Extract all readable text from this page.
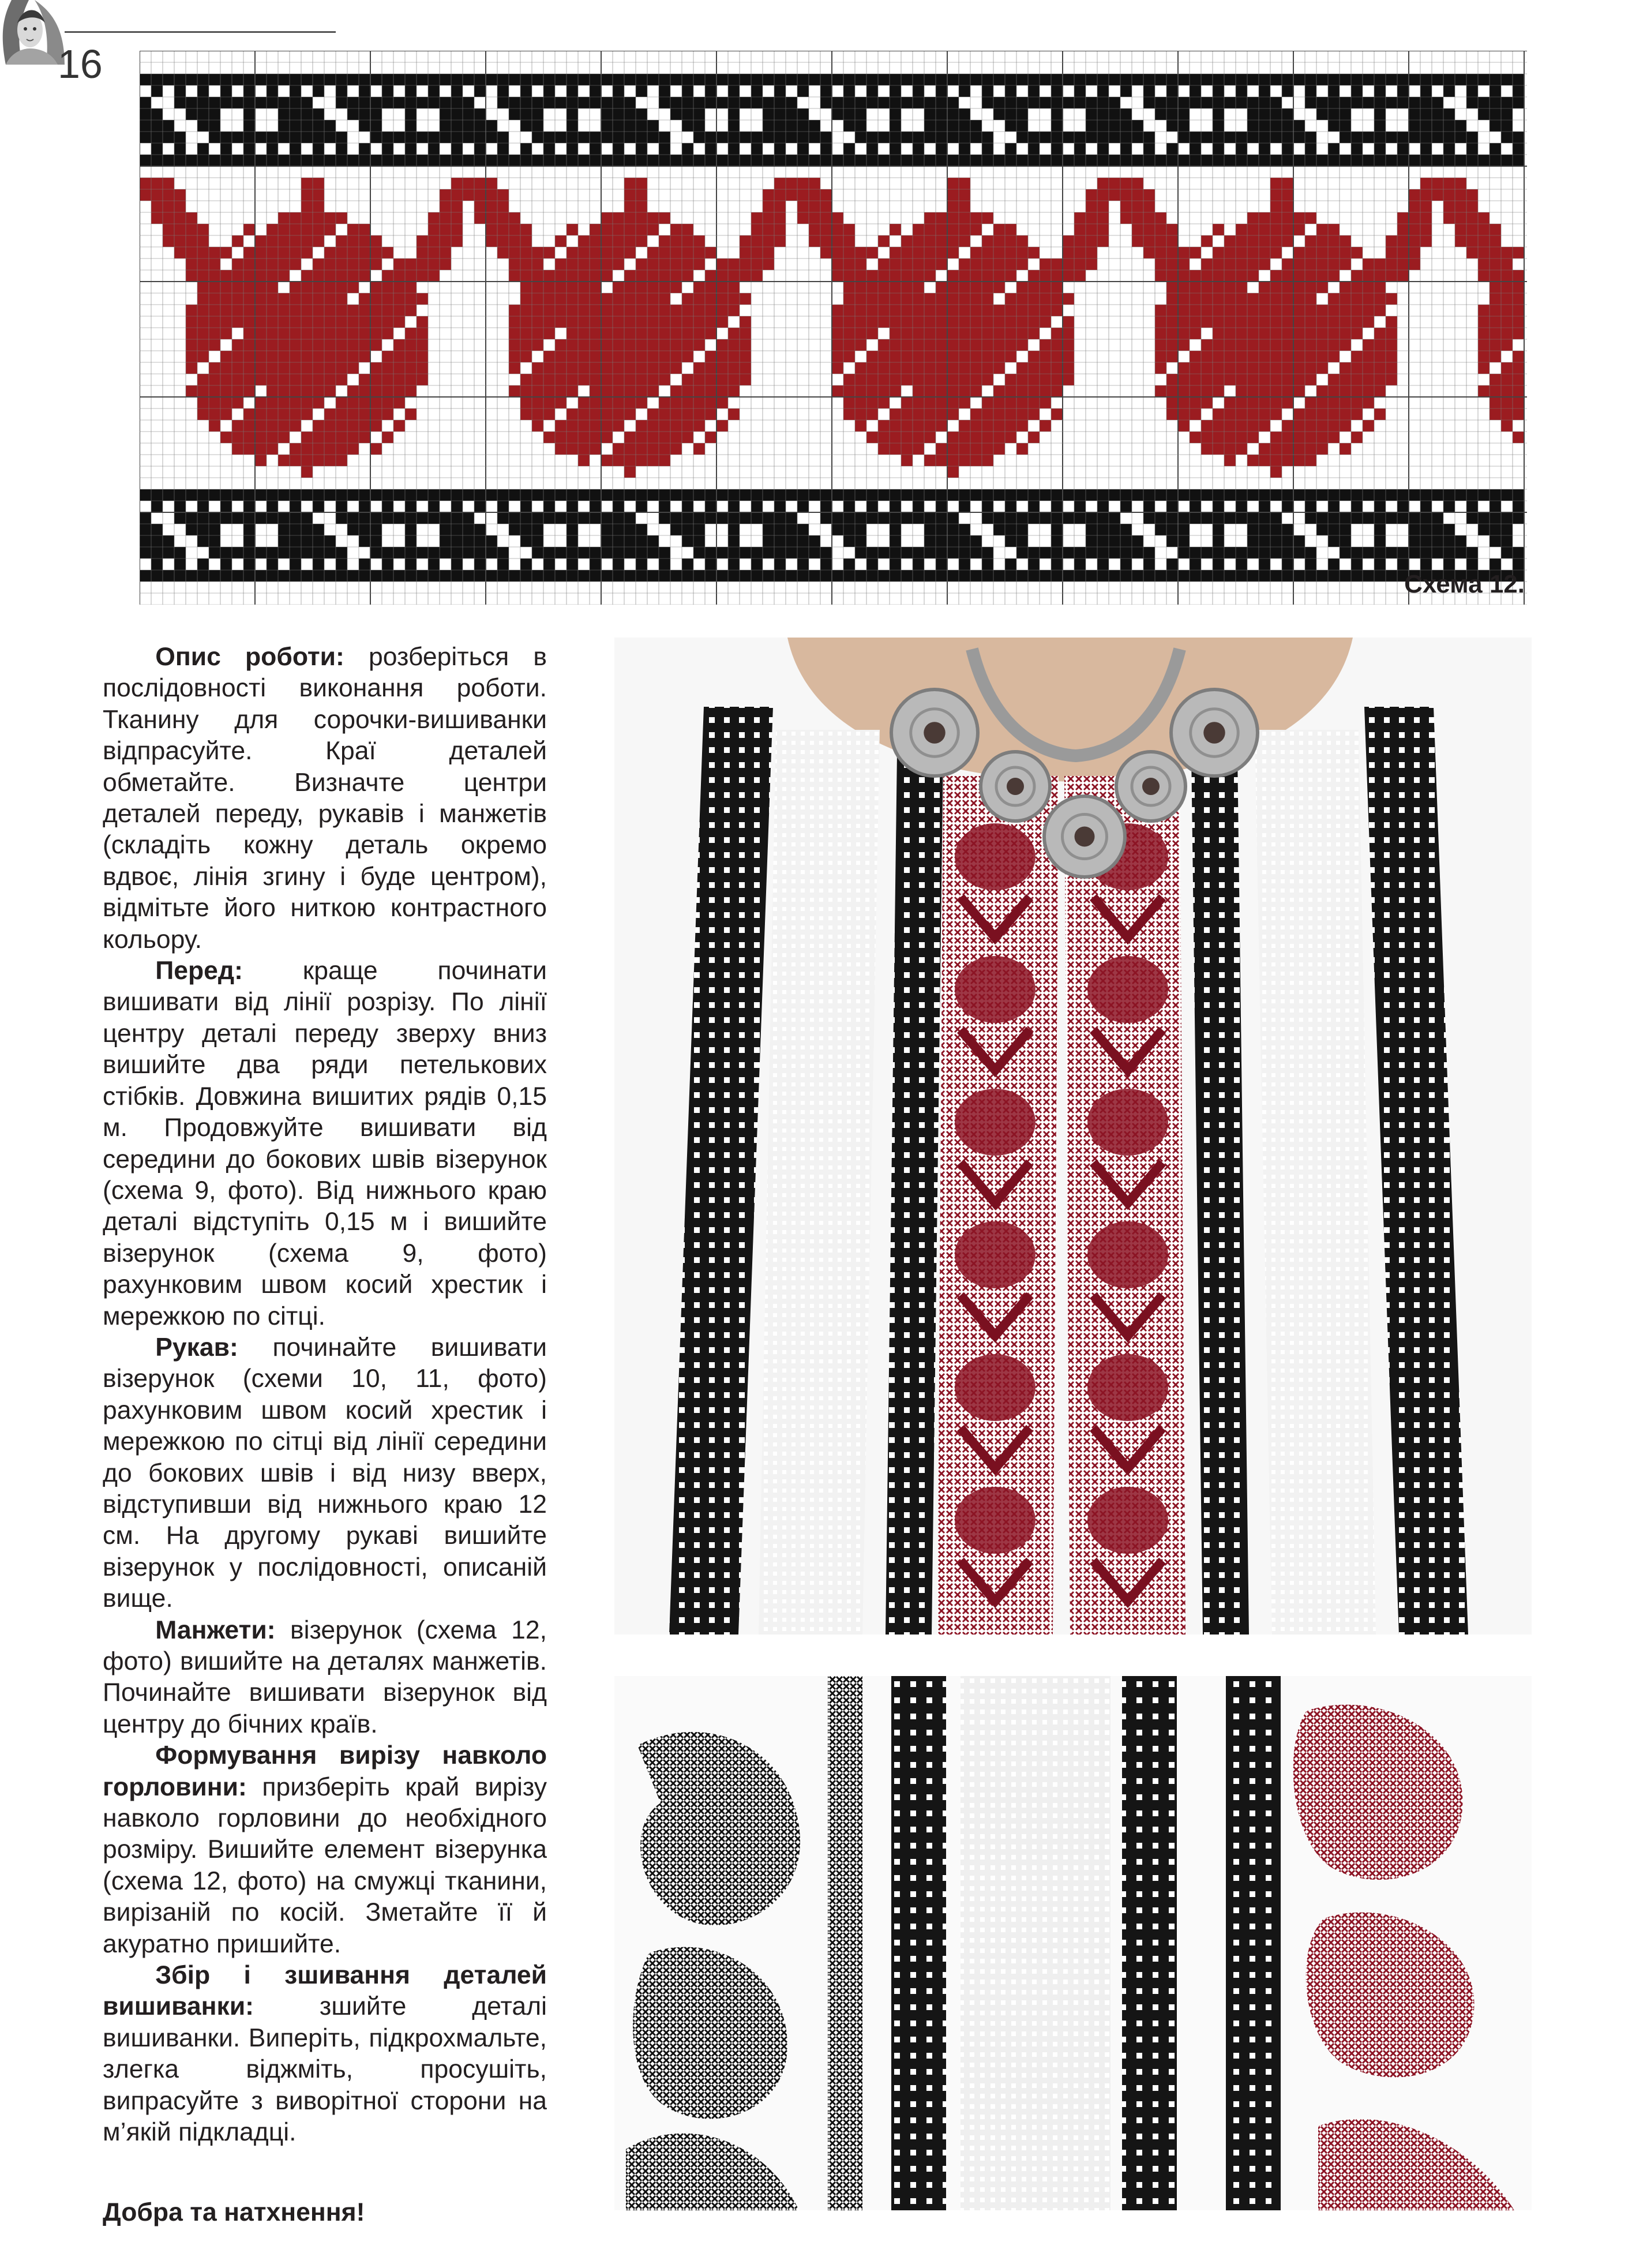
16
Схема 12.

Опис роботи: розберіться в послідовності виконання роботи. Тканину для сорочки-вишиванки відпрасуйте. Краї деталей обметайте. Визначте центри деталей переду, рукавів і манжетів (складіть кожну деталь окремо вдвоє, лінія згину і буде центром), відмітьте його ниткою контрастного кольору.

Перед: краще починати вишивати від лінії розрізу. По лінії центру деталі переду зверху вниз вишийте два ряди петелькових стібків. Довжина вишитих рядів 0,15 м. Продовжуйте вишивати від середини до бокових швів візерунок (схема 9, фото). Від нижнього краю деталі відступіть 0,15 м і вишийте візерунок (схема 9, фото) рахунковим швом косий хрестик і мережкою по сітці.

Рукав: починайте вишивати візерунок (схеми 10, 11, фото) рахунковим швом косий хрестик і мережкою по сітці від лінії середини до бокових швів і від низу вверх, відступивши від нижнього краю 12 см. На другому рукаві вишийте візерунок у послідовності, описаній вище.

Манжети: візерунок (схема 12, фото) вишийте на деталях манжетів. Починайте вишивати візерунок від центру до бічних країв.

Формування вирізу навколо горловини: призберіть край вирізу навколо горловини до необхідного розміру. Вишийте елемент візерунка (схема 12, фото) на смужці тканини, вирізаній по косій. Зметайте її й акуратно пришийте.

Збір і зшивання деталей вишиванки: зшийте деталі вишиванки. Виперіть, підкрохмальте, злегка віджміть, просушіть, випрасуйте з виворітної сторони на м’якій підкладці.

Добра та натхнення!
